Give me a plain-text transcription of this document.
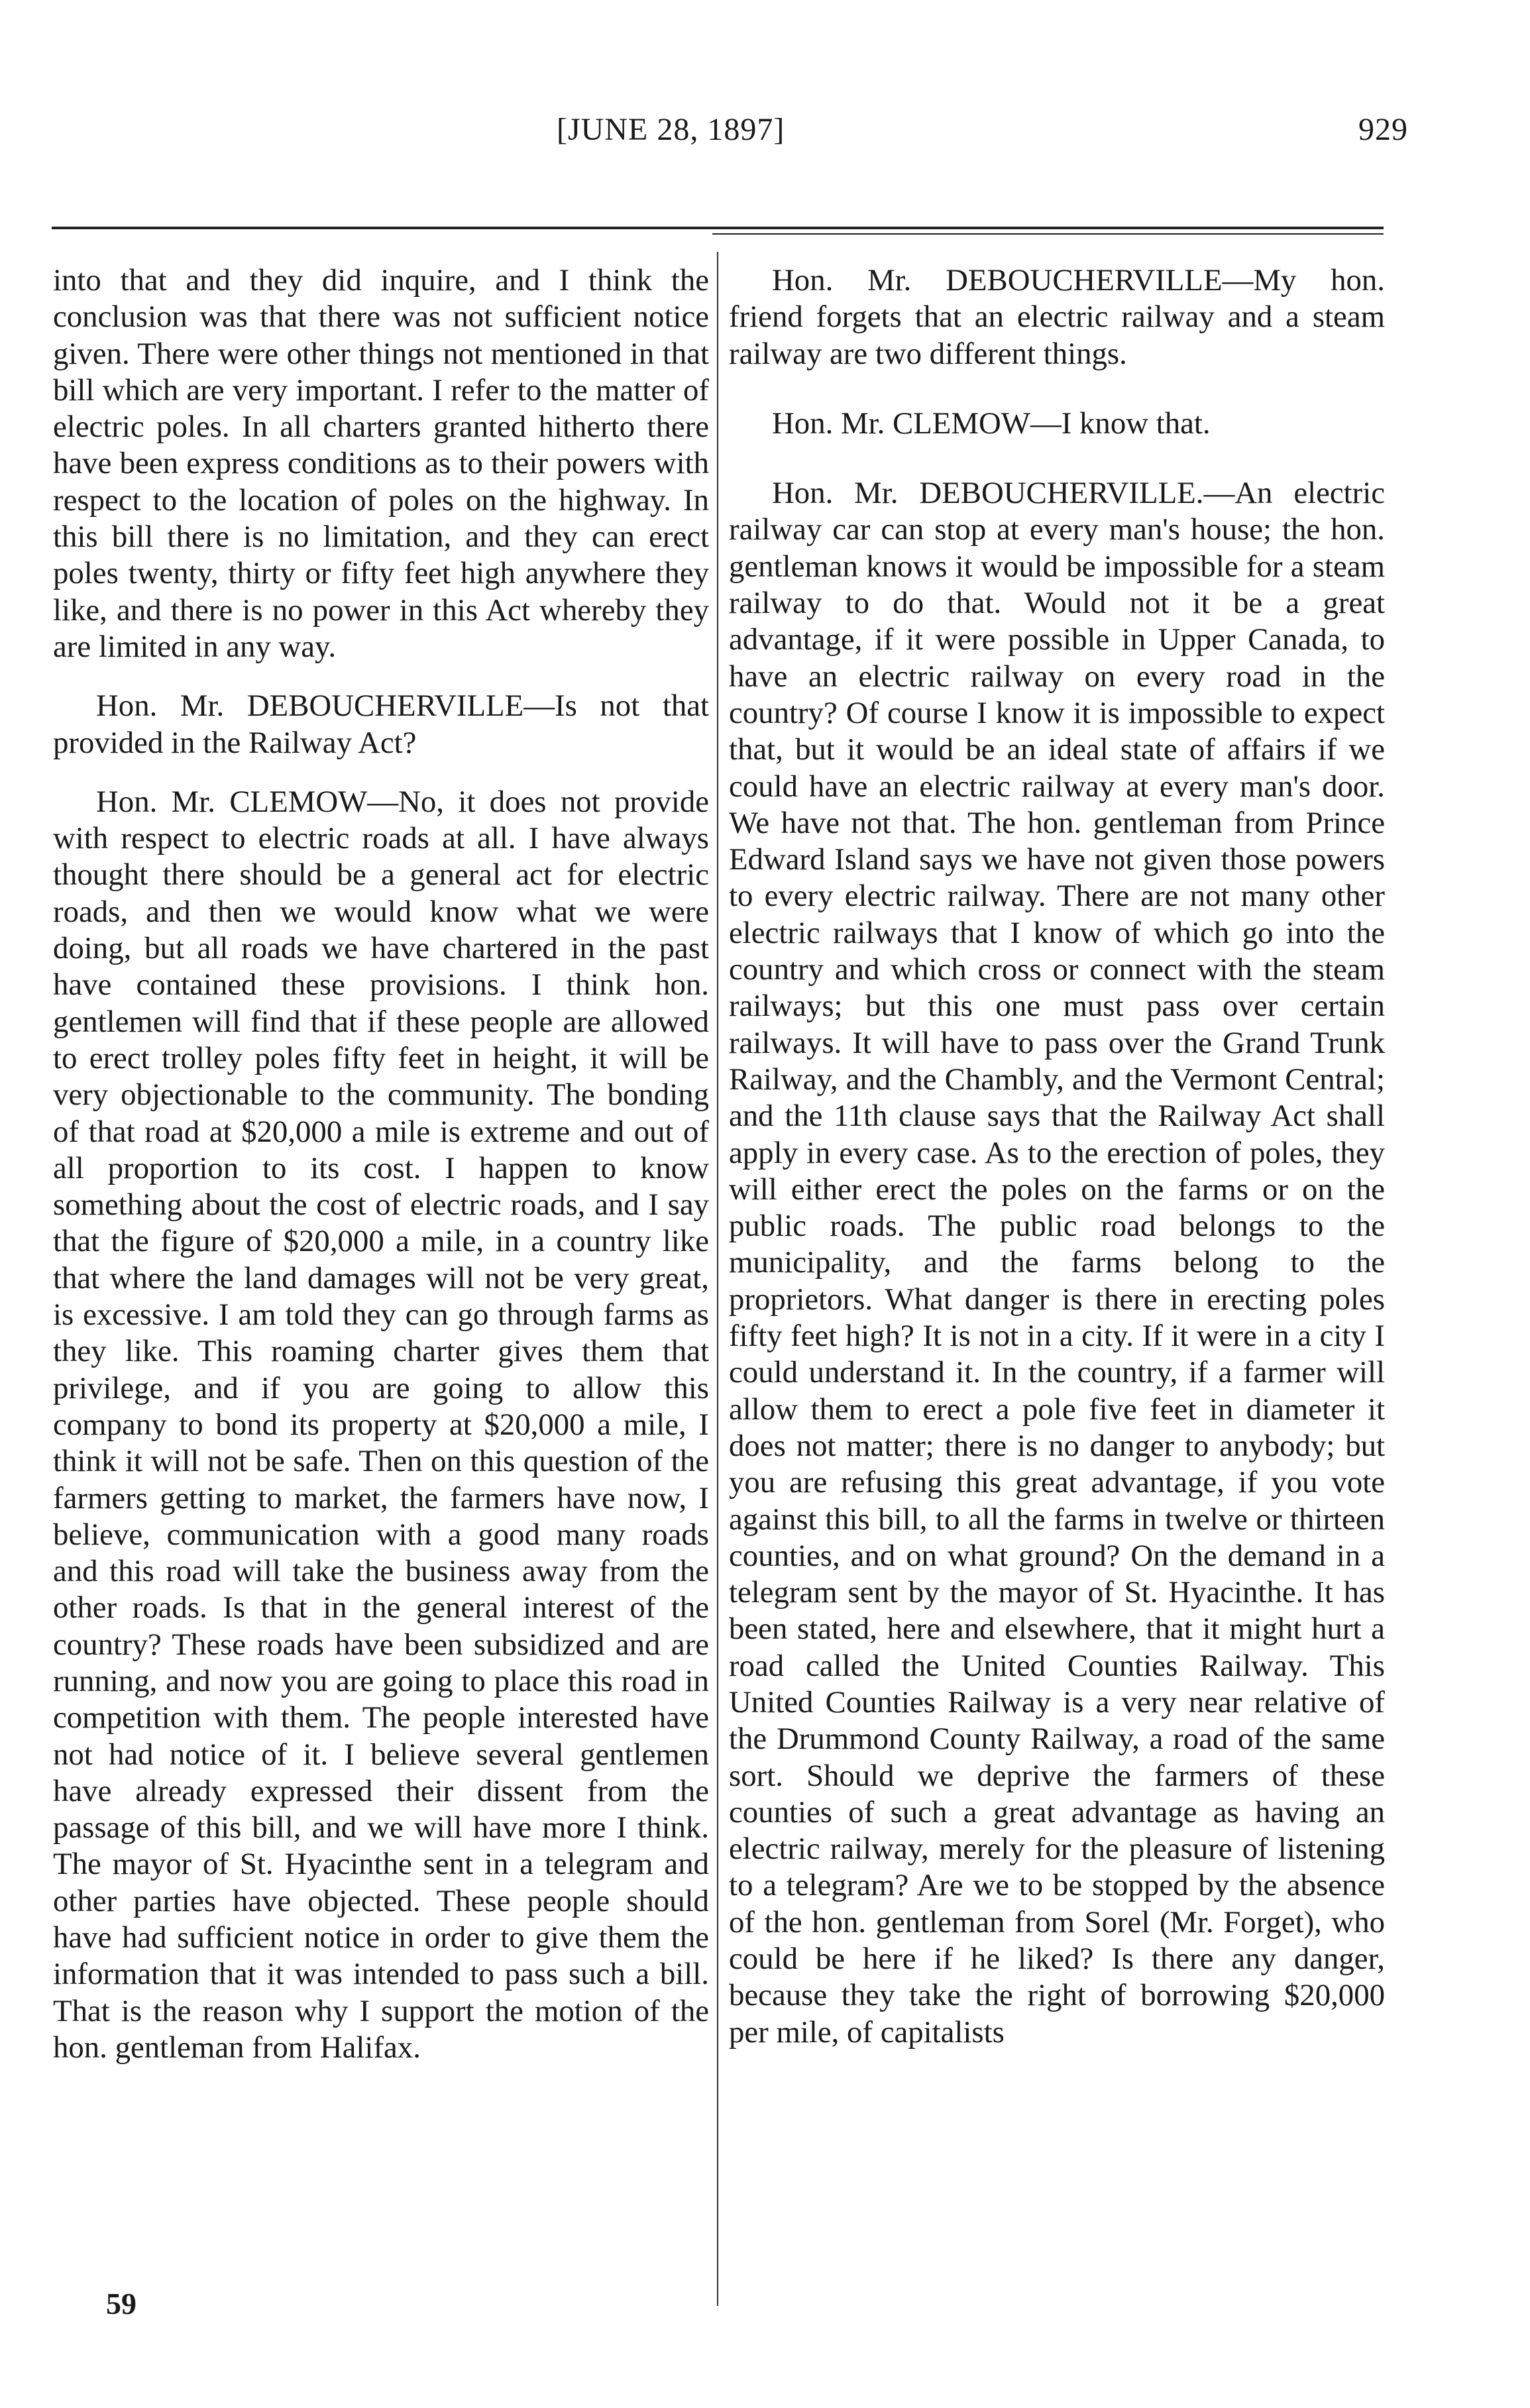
[JUNE 28, 1897]	929

into that and they did inquire, and I think the conclusion was that there was not sufficient notice given. There were other things not mentioned in that bill which are very important. I refer to the matter of electric poles. In all charters granted hitherto there have been express conditions as to their powers with respect to the location of poles on the highway. In this bill there is no limitation, and they can erect poles twenty, thirty or fifty feet high anywhere they like, and there is no power in this Act whereby they are limited in any way.

Hon. Mr. DEBOUCHERVILLE—Is not that provided in the Railway Act?

Hon. Mr. CLEMOW—No, it does not provide with respect to electric roads at all. I have always thought there should be a general act for electric roads, and then we would know what we were doing, but all roads we have chartered in the past have contained these provisions. I think hon. gentlemen will find that if these people are allowed to erect trolley poles fifty feet in height, it will be very objectionable to the community. The bonding of that road at $20,000 a mile is extreme and out of all proportion to its cost. I happen to know something about the cost of electric roads, and I say that the figure of $20,000 a mile, in a country like that where the land damages will not be very great, is excessive. I am told they can go through farms as they like. This roaming charter gives them that privilege, and if you are going to allow this company to bond its property at $20,000 a mile, I think it will not be safe. Then on this question of the farmers getting to market, the farmers have now, I believe, communication with a good many roads and this road will take the business away from the other roads. Is that in the general interest of the country? These roads have been subsidized and are running, and now you are going to place this road in competition with them. The people interested have not had notice of it. I believe several gentlemen have already expressed their dissent from the passage of this bill, and we will have more I think. The mayor of St. Hyacinthe sent in a telegram and other parties have objected. These people should have had sufficient notice in order to give them the information that it was intended to pass such a bill. That is the reason why I support the motion of the hon. gentleman from Halifax.

Hon. Mr. DEBOUCHERVILLE—My hon. friend forgets that an electric railway and a steam railway are two different things.

Hon. Mr. CLEMOW—I know that.

Hon. Mr. DEBOUCHERVILLE.—An electric railway car can stop at every man's house; the hon. gentleman knows it would be impossible for a steam railway to do that. Would not it be a great advantage, if it were possible in Upper Canada, to have an electric railway on every road in the country? Of course I know it is impossible to expect that, but it would be an ideal state of affairs if we could have an electric railway at every man's door. We have not that. The hon. gentleman from Prince Edward Island says we have not given those powers to every electric railway. There are not many other electric railways that I know of which go into the country and which cross or connect with the steam railways; but this one must pass over certain railways. It will have to pass over the Grand Trunk Railway, and the Chambly, and the Vermont Central; and the 11th clause says that the Railway Act shall apply in every case. As to the erection of poles, they will either erect the poles on the farms or on the public roads. The public road belongs to the municipality, and the farms belong to the proprietors. What danger is there in erecting poles fifty feet high? It is not in a city. If it were in a city I could understand it. In the country, if a farmer will allow them to erect a pole five feet in diameter it does not matter; there is no danger to anybody; but you are refusing this great advantage, if you vote against this bill, to all the farms in twelve or thirteen counties, and on what ground? On the demand in a telegram sent by the mayor of St. Hyacinthe. It has been stated, here and elsewhere, that it might hurt a road called the United Counties Railway. This United Counties Railway is a very near relative of the Drummond County Railway, a road of the same sort. Should we deprive the farmers of these counties of such a great advantage as having an electric railway, merely for the pleasure of listening to a telegram? Are we to be stopped by the absence of the hon. gentleman from Sorel (Mr. Forget), who could be here if he liked? Is there any danger, because they take the right of borrowing $20,000 per mile, of capitalists

59
